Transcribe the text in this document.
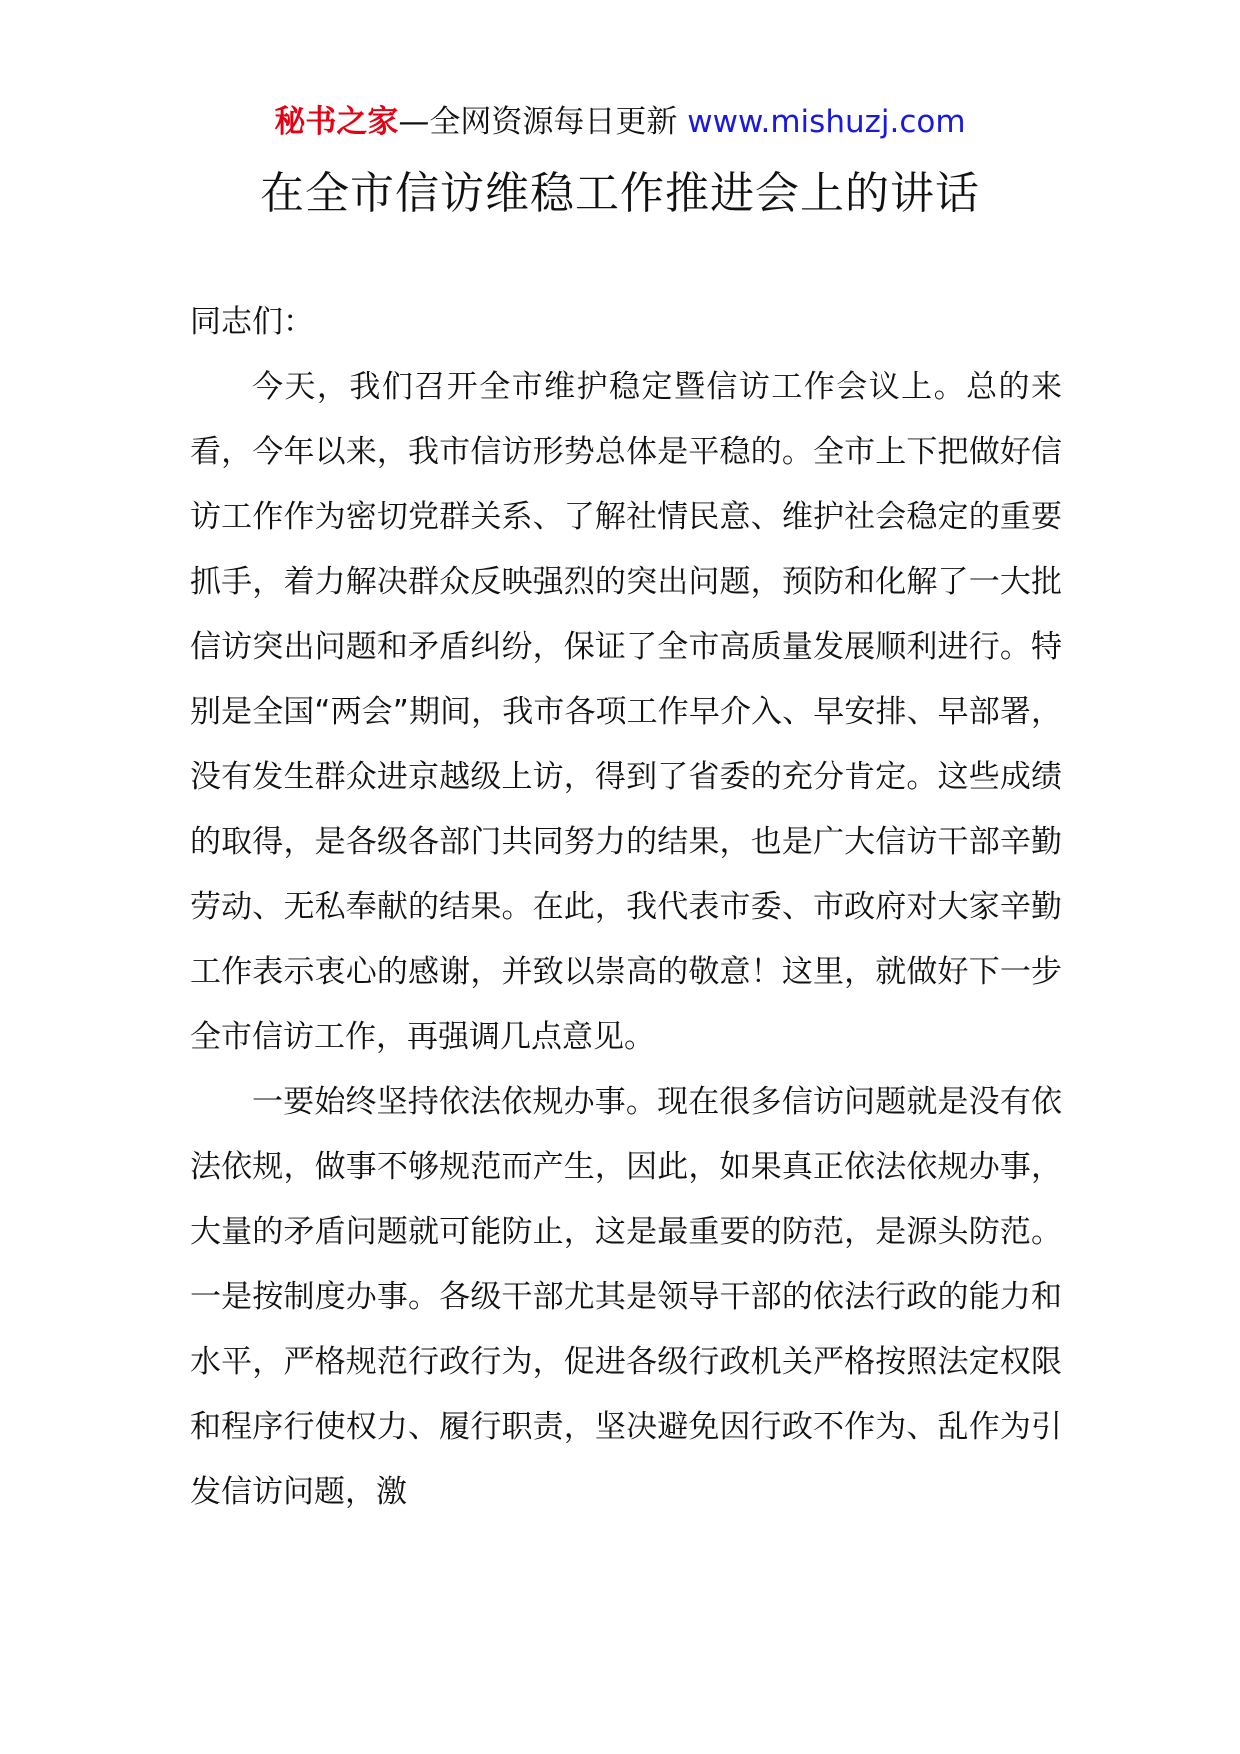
秘书之家—全网资源每日更新 www.mishuzj.com
在全市信访维稳工作推进会上的讲话

同志们：

今天，我们召开全市维护稳定暨信访工作会议上。总的来看，今年以来，我市信访形势总体是平稳的。全市上下把做好信访工作作为密切党群关系、了解社情民意、维护社会稳定的重要抓手，着力解决群众反映强烈的突出问题，预防和化解了一大批信访突出问题和矛盾纠纷，保证了全市高质量发展顺利进行。特别是全国“两会”期间，我市各项工作早介入、早安排、早部署，没有发生群众进京越级上访，得到了省委的充分肯定。这些成绩的取得，是各级各部门共同努力的结果，也是广大信访干部辛勤劳动、无私奉献的结果。在此，我代表市委、市政府对大家辛勤工作表示衷心的感谢，并致以崇高的敬意！这里，就做好下一步全市信访工作，再强调几点意见。

一要始终坚持依法依规办事。现在很多信访问题就是没有依法依规，做事不够规范而产生，因此，如果真正依法依规办事，大量的矛盾问题就可能防止，这是最重要的防范，是源头防范。一是按制度办事。各级干部尤其是领导干部的依法行政的能力和水平，严格规范行政行为，促进各级行政机关严格按照法定权限和程序行使权力、履行职责，坚决避免因行政不作为、乱作为引发信访问题，激
